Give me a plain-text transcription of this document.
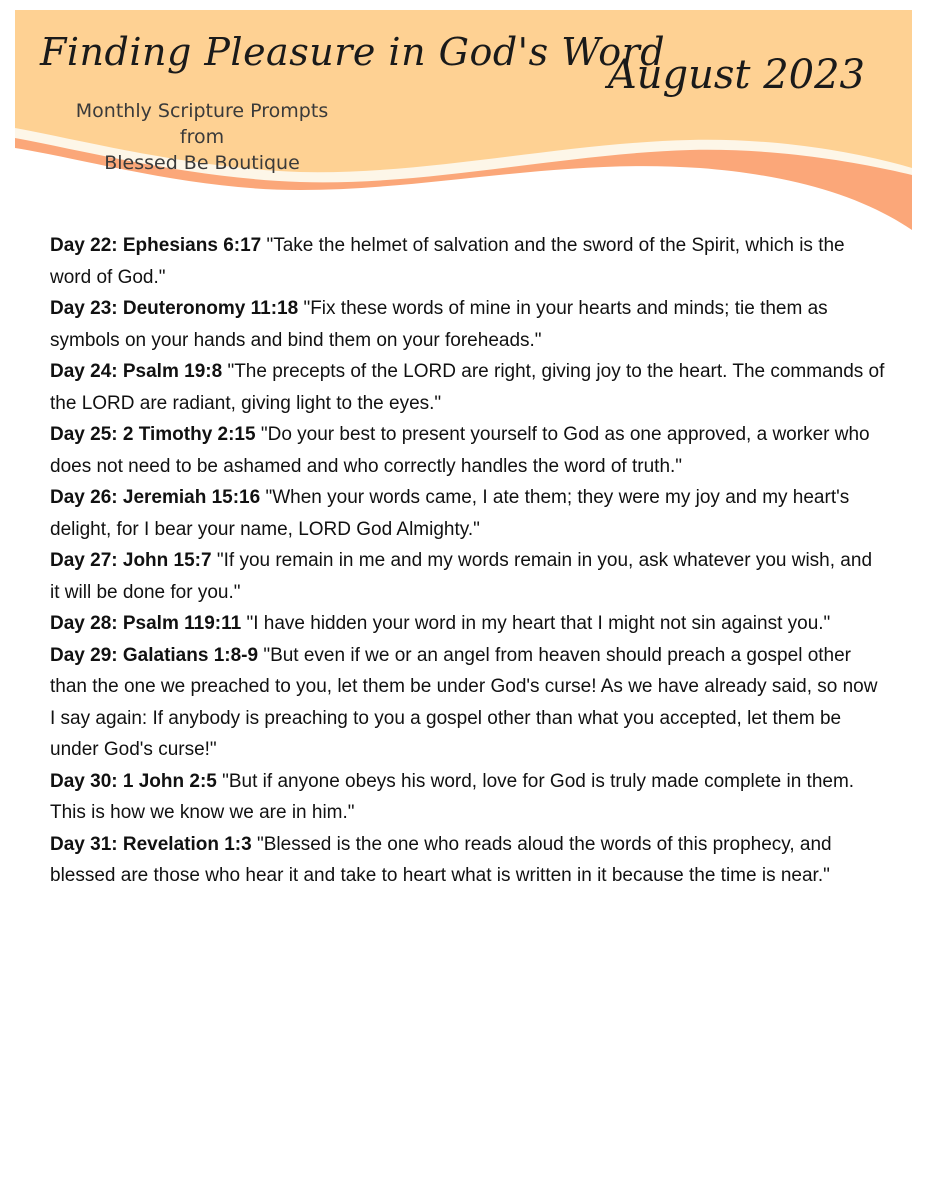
Finding Pleasure in God's Word
Monthly Scripture Prompts from
Blessed Be Boutique
August 2023
Day 22: Ephesians 6:17 "Take the helmet of salvation and the sword of the Spirit, which is the word of God."
Day 23: Deuteronomy 11:18 "Fix these words of mine in your hearts and minds; tie them as symbols on your hands and bind them on your foreheads."
Day 24: Psalm 19:8 "The precepts of the LORD are right, giving joy to the heart. The commands of the LORD are radiant, giving light to the eyes."
Day 25: 2 Timothy 2:15 "Do your best to present yourself to God as one approved, a worker who does not need to be ashamed and who correctly handles the word of truth."
Day 26: Jeremiah 15:16 "When your words came, I ate them; they were my joy and my heart's delight, for I bear your name, LORD God Almighty."
Day 27: John 15:7 "If you remain in me and my words remain in you, ask whatever you wish, and it will be done for you."
Day 28: Psalm 119:11 "I have hidden your word in my heart that I might not sin against you."
Day 29: Galatians 1:8-9 "But even if we or an angel from heaven should preach a gospel other than the one we preached to you, let them be under God's curse! As we have already said, so now I say again: If anybody is preaching to you a gospel other than what you accepted, let them be under God's curse!"
Day 30: 1 John 2:5 "But if anyone obeys his word, love for God is truly made complete in them. This is how we know we are in him."
Day 31: Revelation 1:3 "Blessed is the one who reads aloud the words of this prophecy, and blessed are those who hear it and take to heart what is written in it because the time is near."
